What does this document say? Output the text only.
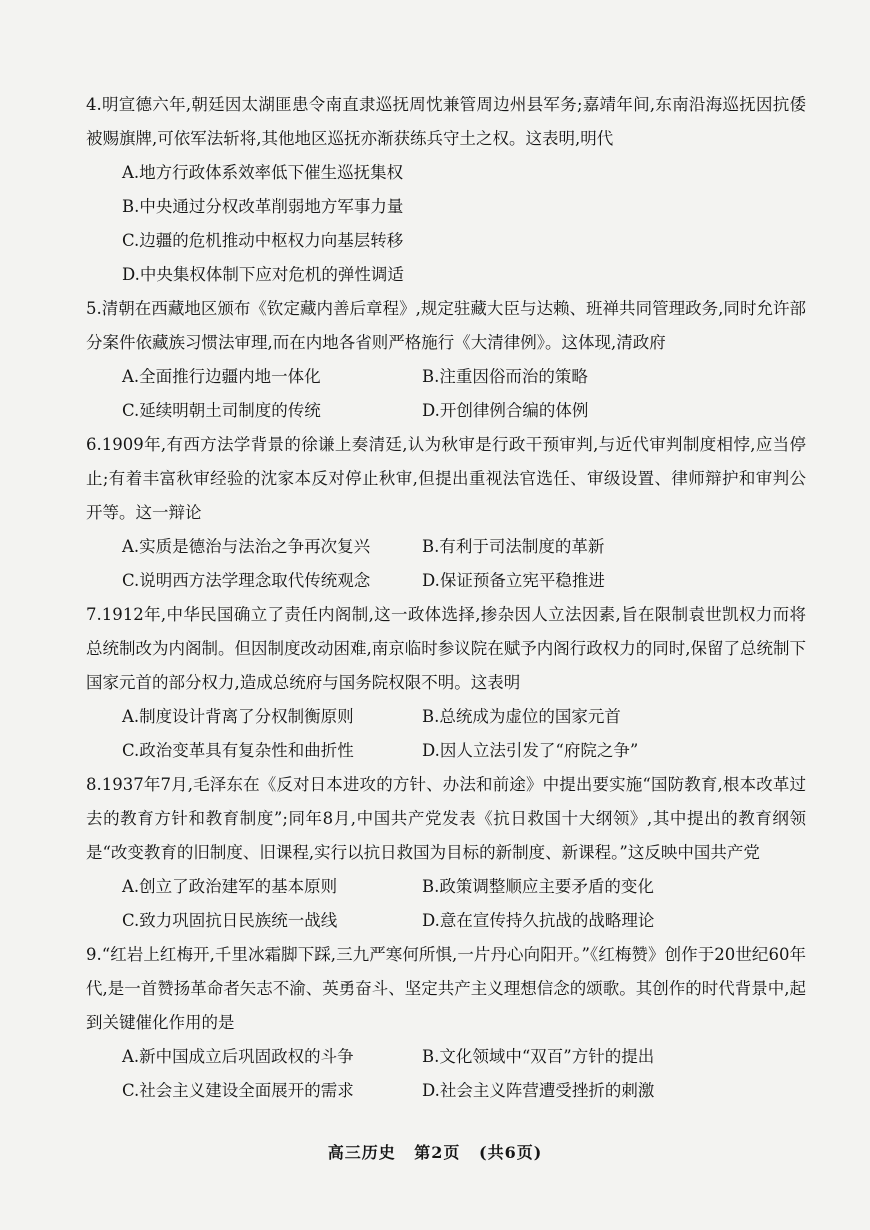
4.明宣德六年,朝廷因太湖匪患令南直隶巡抚周忱兼管周边州县军务;嘉靖年间,东南沿海巡抚因抗倭被赐旗牌,可依军法斩将,其他地区巡抚亦渐获练兵守土之权。这表明,明代
A.地方行政体系效率低下催生巡抚集权
B.中央通过分权改革削弱地方军事力量
C.边疆的危机推动中枢权力向基层转移
D.中央集权体制下应对危机的弹性调适
5.清朝在西藏地区颁布《钦定藏内善后章程》,规定驻藏大臣与达赖、班禅共同管理政务,同时允许部分案件依藏族习惯法审理,而在内地各省则严格施行《大清律例》。这体现,清政府
A.全面推行边疆内地一体化	B.注重因俗而治的策略
C.延续明朝土司制度的传统	D.开创律例合编的体例
6.1909年,有西方法学背景的徐谦上奏清廷,认为秋审是行政干预审判,与近代审判制度相悖,应当停止;有着丰富秋审经验的沈家本反对停止秋审,但提出重视法官选任、审级设置、律师辩护和审判公开等。这一辩论
A.实质是德治与法治之争再次复兴	B.有利于司法制度的革新
C.说明西方法学理念取代传统观念	D.保证预备立宪平稳推进
7.1912年,中华民国确立了责任内阁制,这一政体选择,掺杂因人立法因素,旨在限制袁世凯权力而将总统制改为内阁制。但因制度改动困难,南京临时参议院在赋予内阁行政权力的同时,保留了总统制下国家元首的部分权力,造成总统府与国务院权限不明。这表明
A.制度设计背离了分权制衡原则	B.总统成为虚位的国家元首
C.政治变革具有复杂性和曲折性	D.因人立法引发了“府院之争”
8.1937年7月,毛泽东在《反对日本进攻的方针、办法和前途》中提出要实施“国防教育,根本改革过去的教育方针和教育制度”;同年8月,中国共产党发表《抗日救国十大纲领》,其中提出的教育纲领是“改变教育的旧制度、旧课程,实行以抗日救国为目标的新制度、新课程。”这反映中国共产党
A.创立了政治建军的基本原则	B.政策调整顺应主要矛盾的变化
C.致力巩固抗日民族统一战线	D.意在宣传持久抗战的战略理论
9.“红岩上红梅开,千里冰霜脚下踩,三九严寒何所惧,一片丹心向阳开。”《红梅赞》创作于20世纪60年代,是一首赞扬革命者矢志不渝、英勇奋斗、坚定共产主义理想信念的颂歌。其创作的时代背景中,起到关键催化作用的是
A.新中国成立后巩固政权的斗争	B.文化领域中“双百”方针的提出
C.社会主义建设全面展开的需求	D.社会主义阵营遭受挫折的刺激
高三历史 第2页 (共6页)
